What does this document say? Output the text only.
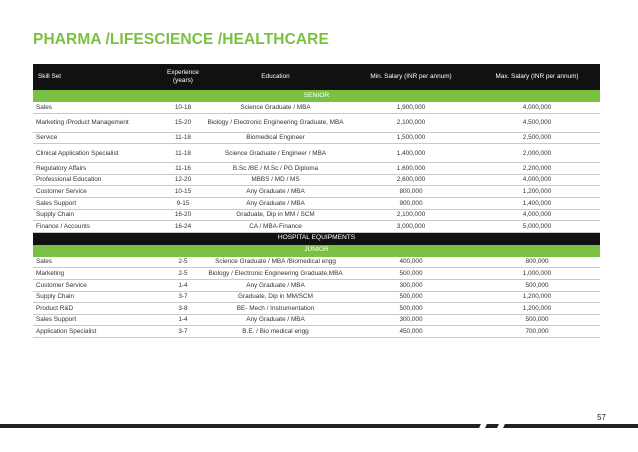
PHARMA /LIFESCIENCE /HEALTHCARE
Skill Set	Experience (years)	Education	Min. Salary (INR per annum)	Max. Salary (INR per annum)
SENIOR				
Sales	10-18	Science Graduate / MBA	1,900,000	4,000,000
Marketing /Product Management	15-20	Biology / Electronic Engineering Graduate, MBA	2,100,000	4,500,000
Service	11-18	Biomedical Engineer	1,500,000	2,500,000
Clinical Application Specialist	11-18	Science Graduate / Engineer / MBA	1,400,000	2,000,000
Regulatory Affairs	11-16	B.Sc /BE / M.Sc / PG Diploma	1,600,000	2,200,000
Professional Education	12-20	MBBS / MD / MS	2,600,000	4,000,000
Customer Service	10-15	Any Graduate / MBA	800,000	1,200,000
Sales Support	9-15	Any Graduate / MBA	900,000	1,400,000
Supply Chain	16-20	Graduate, Dip in MM / SCM	2,100,000	4,000,000
Finance / Accounts	16-24	CA / MBA-Finance	3,000,000	5,000,000
HOSPITAL EQUIPMENTS				
JUNIOR				
Sales	2-5	Science Graduate / MBA /Biomedical engg	400,000	800,000
Marketing	2-5	Biology / Electronic Engineering Graduate,MBA	500,000	1,000,000
Customer Service	1-4	Any Graduate / MBA	300,000	500,000
Supply Chain	3-7	Graduate, Dip in MM/SCM	500,000	1,200,000
Product R&D	3-8	BE- Mech / Instrumentation	500,000	1,200,000
Sales Support	1-4	Any Graduate / MBA	300,000	500,000
Application Specialist	3-7	B.E. / Bio medical engg	450,000	700,000
57
